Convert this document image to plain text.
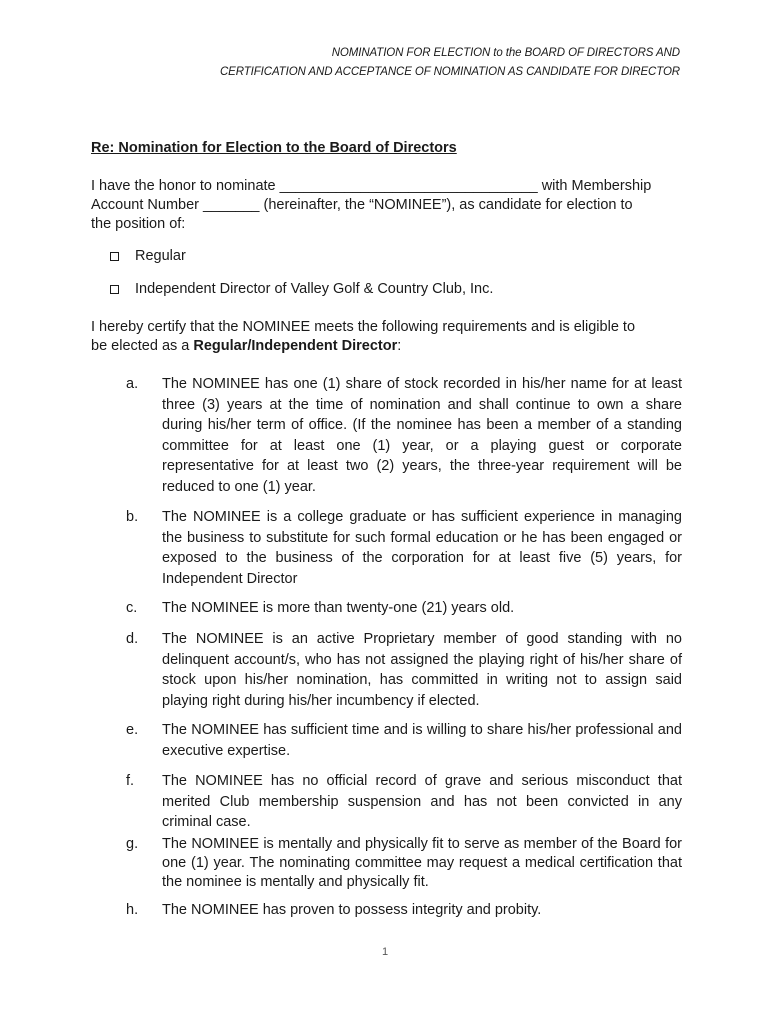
NOMINATION FOR ELECTION to the BOARD OF DIRECTORS AND
CERTIFICATION AND ACCEPTANCE OF NOMINATION AS CANDIDATE FOR DIRECTOR
Re: Nomination for Election to the Board of Directors
I have the honor to nominate ________________________________ with Membership
Account Number _______ (hereinafter, the “NOMINEE”), as candidate for election to
the position of:
Regular
Independent Director of Valley Golf & Country Club, Inc.
I hereby certify that the NOMINEE meets the following requirements and is eligible to
be elected as a Regular/Independent Director:
a.	The NOMINEE has one (1) share of stock recorded in his/her name for at least three (3) years at the time of nomination and shall continue to own a share during his/her term of office. (If the nominee has been a member of a standing committee for at least one (1) year, or a playing guest or corporate representative for at least two (2) years, the three-year requirement will be reduced to one (1) year.
b.	The NOMINEE is a college graduate or has sufficient experience in managing the business to substitute for such formal education or he has been engaged or exposed to the business of the corporation for at least five (5) years, for Independent Director
c.	The NOMINEE is more than twenty-one (21) years old.
d.	The NOMINEE is an active Proprietary member of good standing with no delinquent account/s, who has not assigned the playing right of his/her share of stock upon his/her nomination, has committed in writing not to assign said playing right during his/her incumbency if elected.
e.	The NOMINEE has sufficient time and is willing to share his/her professional and executive expertise.
f.	The NOMINEE has no official record of grave and serious misconduct that merited Club membership suspension and has not been convicted in any criminal case.
g.	The NOMINEE is mentally and physically fit to serve as member of the Board for one (1) year. The nominating committee may request a medical certification that the nominee is mentally and physically fit.
h.	The NOMINEE has proven to possess integrity and probity.
1
